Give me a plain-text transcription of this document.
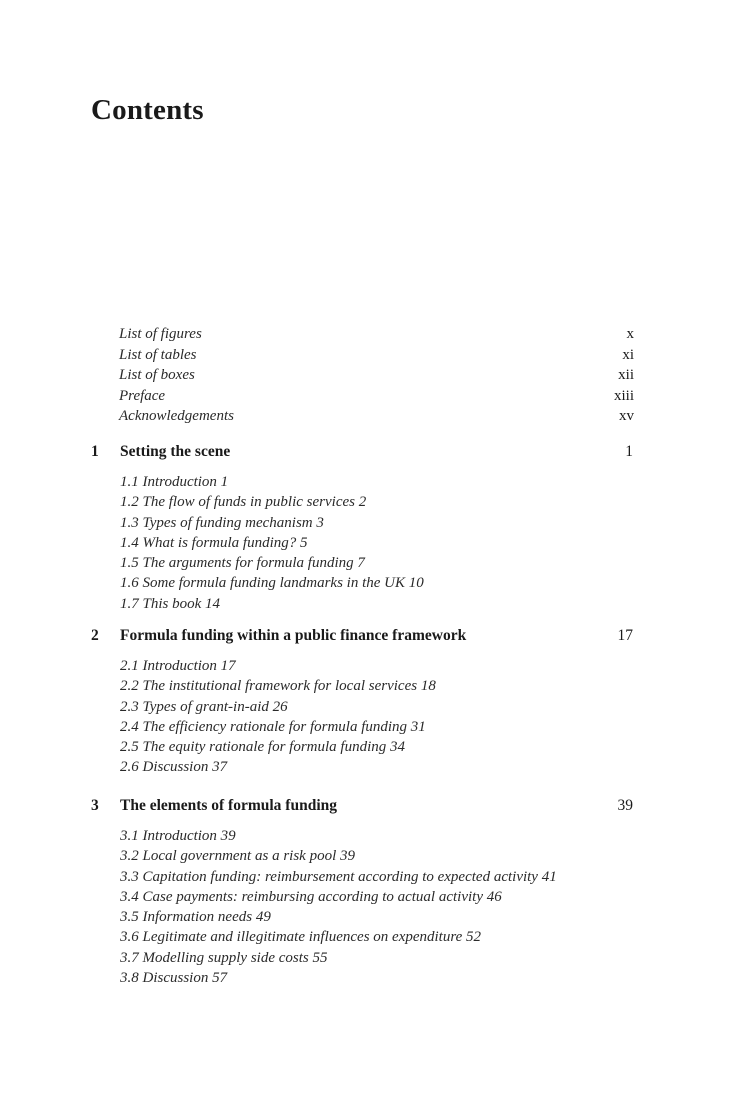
Contents
List of figures	x
List of tables	xi
List of boxes	xii
Preface	xiii
Acknowledgements	xv
1 Setting the scene	1
1.1 Introduction 1
1.2 The flow of funds in public services 2
1.3 Types of funding mechanism 3
1.4 What is formula funding? 5
1.5 The arguments for formula funding 7
1.6 Some formula funding landmarks in the UK 10
1.7 This book 14
2 Formula funding within a public finance framework	17
2.1 Introduction 17
2.2 The institutional framework for local services 18
2.3 Types of grant-in-aid 26
2.4 The efficiency rationale for formula funding 31
2.5 The equity rationale for formula funding 34
2.6 Discussion 37
3 The elements of formula funding	39
3.1 Introduction 39
3.2 Local government as a risk pool 39
3.3 Capitation funding: reimbursement according to expected activity 41
3.4 Case payments: reimbursing according to actual activity 46
3.5 Information needs 49
3.6 Legitimate and illegitimate influences on expenditure 52
3.7 Modelling supply side costs 55
3.8 Discussion 57
